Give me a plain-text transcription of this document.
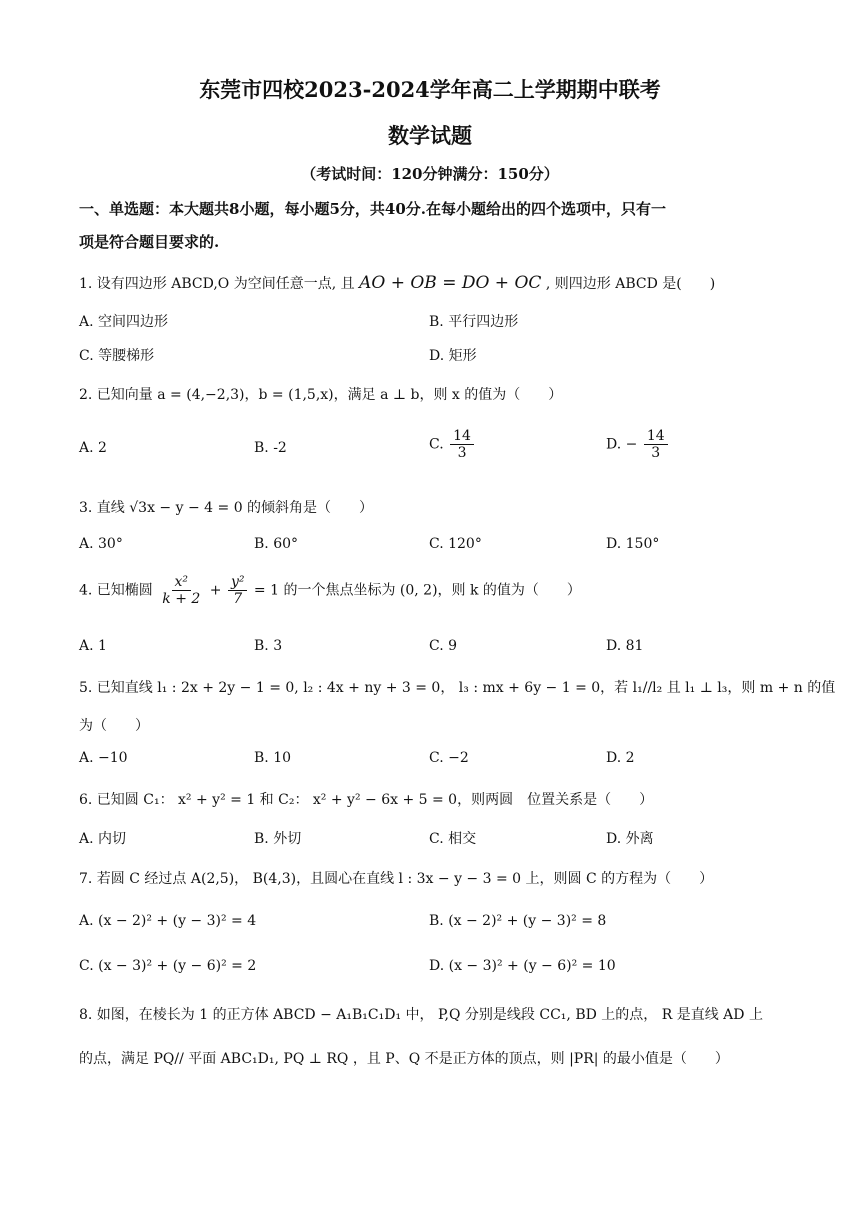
东莞市四校2023-2024学年高二上学期期中联考
数学试题
（考试时间：120分钟满分：150分）
一、单选题：本大题共8小题，每小题5分，共40分.在每小题给出的四个选项中，只有一
项是符合题目要求的.
1. 设有四边形 ABCD,O 为空间任意一点, 且 AO + OB = DO + OC , 则四边形 ABCD 是(　　)
A. 空间四边形	B. 平行四边形
C. 等腰梯形	D. 矩形
2. 已知向量 a = (4,−2,3)，b = (1,5,x)，满足 a ⊥ b，则 x 的值为（　　）
A. 2	B. -2	C. $\frac{14}{3}$	D. − $\frac{14}{3}$
3. 直线 √3x − y − 4 = 0 的倾斜角是（　　）
A. 30°	B. 60°	C. 120°	D. 150°
4. 已知椭圆 $\frac{\text{x²}}{k + 2} + \frac{\text{y²}}{7} = 1$ 的一个焦点坐标为 (0, 2)，则 k 的值为（　　）
A. 1	B. 3	C. 9	D. 81
5. 已知直线 l₁ : 2x + 2y − 1 = 0, l₂ : 4x + ny + 3 = 0， l₃ : mx + 6y − 1 = 0，若 l₁//l₂ 且 l₁ ⊥ l₃，则 m + n 的值
为（　　）
A. −10	B. 10	C. −2	D. 2
6. 已知圆 C₁： x² + y² = 1 和 C₂： x² + y² − 6x + 5 = 0，则两圆　位置关系是（　　）
A. 内切	B. 外切	C. 相交	D. 外离
7. 若圆 C 经过点 A(2,5)， B(4,3)，且圆心在直线 l : 3x − y − 3 = 0 上，则圆 C 的方程为（　　）
A. (x − 2)² + (y − 3)² = 4	B. (x − 2)² + (y − 3)² = 8
C. (x − 3)² + (y − 6)² = 2	D. (x − 3)² + (y − 6)² = 10
8. 如图，在棱长为 1 的正方体 ABCD − A₁B₁C₁D₁ 中， P,Q 分别是线段 CC₁, BD 上的点， R 是直线 AD 上
的点，满足 PQ// 平面 ABC₁D₁, PQ ⊥ RQ ，且 P、Q 不是正方体的顶点，则 |PR| 的最小值是（　　）
